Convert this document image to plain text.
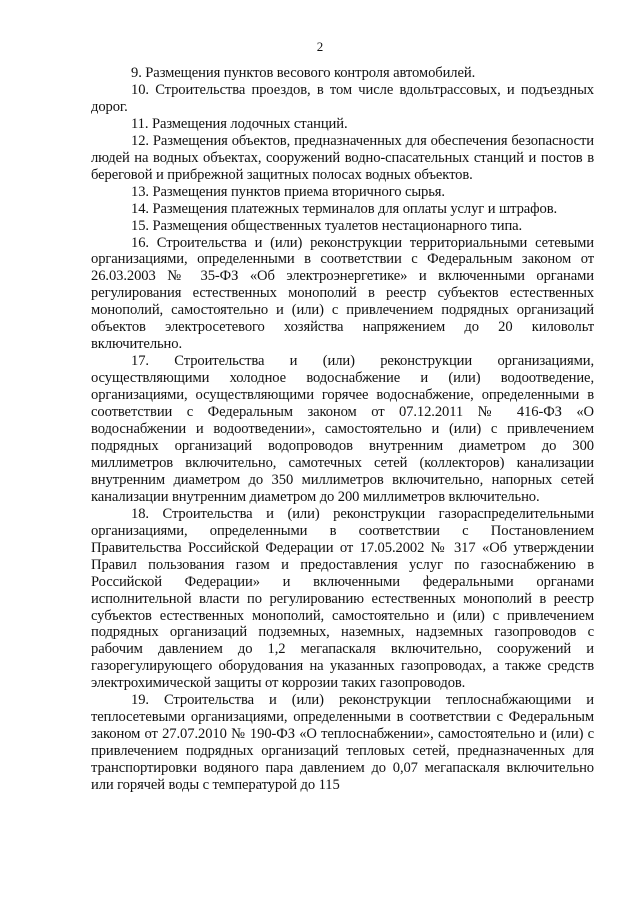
2

9. Размещения пунктов весового контроля автомобилей.

10. Строительства проездов, в том числе вдольтрассовых, и подъездных дорог.

11. Размещения лодочных станций.

12. Размещения объектов, предназначенных для обеспечения безопасности людей на водных объектах, сооружений водно-спасательных станций и постов в береговой и прибрежной защитных полосах водных объектов.

13. Размещения пунктов приема вторичного сырья.

14. Размещения платежных терминалов для оплаты услуг и штрафов.

15. Размещения общественных туалетов нестационарного типа.

16. Строительства и (или) реконструкции территориальными сетевыми организациями, определенными в соответствии с Федеральным законом от 26.03.2003 № 35-ФЗ «Об электроэнергетике» и включенными органами регулирования естественных монополий в реестр субъектов естественных монополий, самостоятельно и (или) с привлечением подрядных организаций объектов электросетевого хозяйства напряжением до 20 киловольт включительно.

17. Строительства и (или) реконструкции организациями, осуществляющими холодное водоснабжение и (или) водоотведение, организациями, осуществляющими горячее водоснабжение, определенными в соответствии с Федеральным законом от 07.12.2011 № 416-ФЗ «О водоснабжении и водоотведении», самостоятельно и (или) с привлечением подрядных организаций водопроводов внутренним диаметром до 300 миллиметров включительно, самотечных сетей (коллекторов) канализации внутренним диаметром до 350 миллиметров включительно, напорных сетей канализации внутренним диаметром до 200 миллиметров включительно.

18. Строительства и (или) реконструкции газораспределительными организациями, определенными в соответствии с Постановлением Правительства Российской Федерации от 17.05.2002 № 317 «Об утверждении Правил пользования газом и предоставления услуг по газоснабжению в Российской Федерации» и включенными федеральными органами исполнительной власти по регулированию естественных монополий в реестр субъектов естественных монополий, самостоятельно и (или) с привлечением подрядных организаций подземных, наземных, надземных газопроводов с рабочим давлением до 1,2 мегапаскаля включительно, сооружений и газорегулирующего оборудования на указанных газопроводах, а также средств электрохимической защиты от коррозии таких газопроводов.

19. Строительства и (или) реконструкции теплоснабжающими и теплосетевыми организациями, определенными в соответствии с Федеральным законом от 27.07.2010 № 190-ФЗ «О теплоснабжении», самостоятельно и (или) с привлечением подрядных организаций тепловых сетей, предназначенных для транспортировки водяного пара давлением до 0,07 мегапаскаля включительно или горячей воды с температурой до 115
